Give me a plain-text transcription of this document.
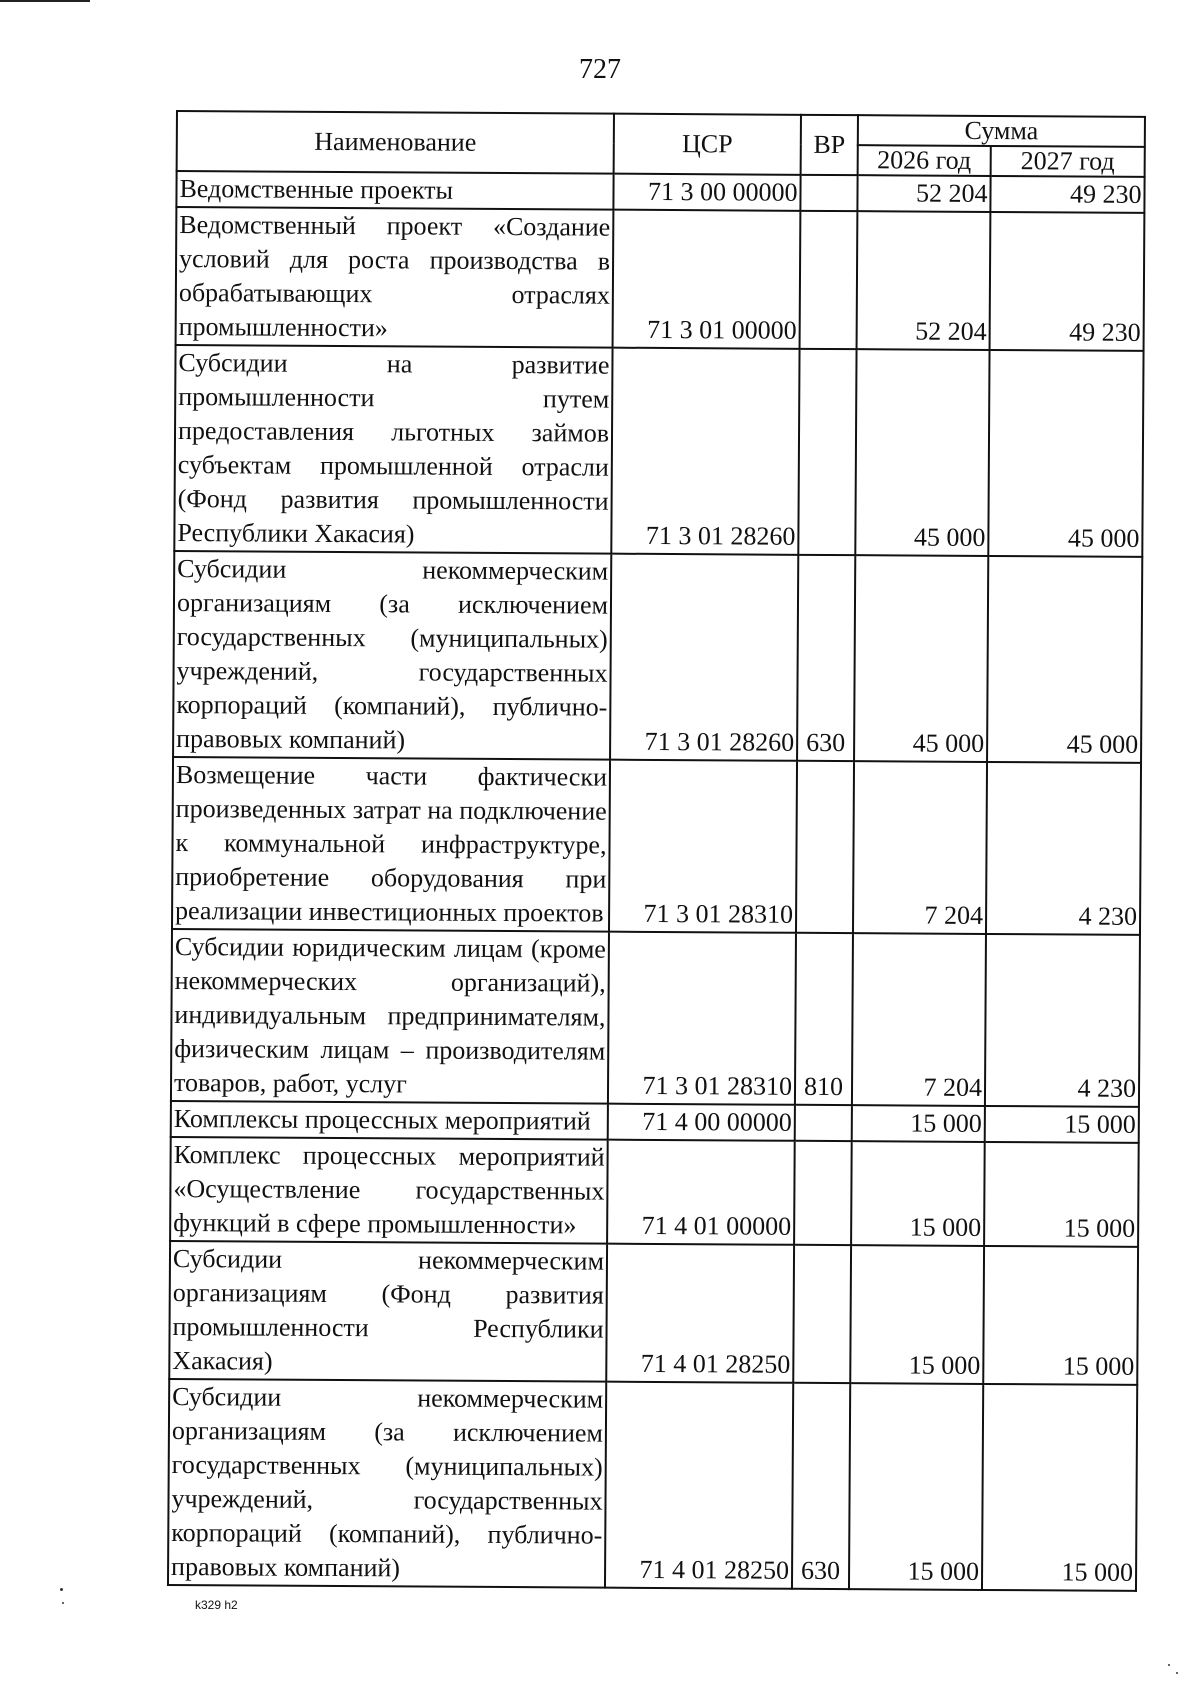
727
Наименование	ЦСР	ВР	Сумма	
			2026 год	2027 год
Ведомственные проекты	71 3 00 00000		52 204	49 230
Ведомственный проект «Создание условий для роста производства в обрабатывающих отраслях промышленности»	71 3 01 00000		52 204	49 230
Субсидии на развитие промышленности путем предоставления льготных займов субъектам промышленной отрасли (Фонд развития промышленности Республики Хакасия)	71 3 01 28260		45 000	45 000
Субсидии некоммерческим организациям (за исключением государственных (муниципальных) учреждений, государственных корпораций (компаний), публично-правовых компаний)	71 3 01 28260	630	45 000	45 000
Возмещение части фактически произведенных затрат на подключение к коммунальной инфраструктуре, приобретение оборудования при реализации инвестиционных проектов	71 3 01 28310		7 204	4 230
Субсидии юридическим лицам (кроме некоммерческих организаций), индивидуальным предпринимателям, физическим лицам – производителям товаров, работ, услуг	71 3 01 28310	810	7 204	4 230
Комплексы процессных мероприятий	71 4 00 00000		15 000	15 000
Комплекс процессных мероприятий «Осуществление государственных функций в сфере промышленности»	71 4 01 00000		15 000	15 000
Субсидии некоммерческим организациям (Фонд развития промышленности Республики Хакасия)	71 4 01 28250		15 000	15 000
Субсидии некоммерческим организациям (за исключением государственных (муниципальных) учреждений, государственных корпораций (компаний), публично-правовых компаний)	71 4 01 28250	630	15 000	15 000
k329 h2
